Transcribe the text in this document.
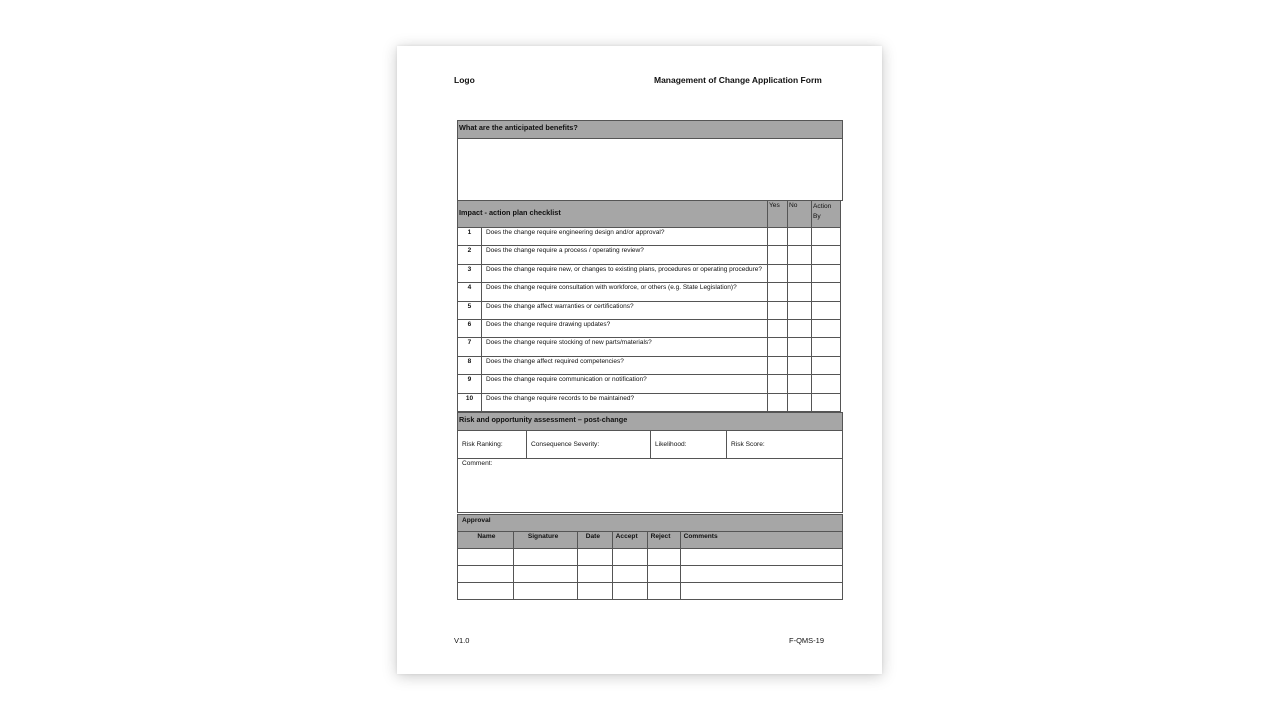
Logo	Management of Change Application Form
What are the anticipated benefits?
Impact - action plan checklist
Yes No Action By
1	Does the change require engineering design and/or approval?			
2	Does the change require a process / operating review?			
3	Does the change require new, or changes to existing plans, procedures or operating procedure?			
4	Does the change require consultation with workforce, or others (e.g. State Legislation)?			
5	Does the change affect warranties or certifications?			
6	Does the change require drawing updates?			
7	Does the change require stocking of new parts/materials?			
8	Does the change affect required competencies?			
9	Does the change require communication or notification?			
10	Does the change require records to be maintained?			
Risk and opportunity assessment – post-change
Risk Ranking:	Consequence Severity:	Likelihood:	Risk Score:
Comment:
Approval
Name	Signature	Date	Accept	Reject	Comments

V1.0	F-QMS-19
